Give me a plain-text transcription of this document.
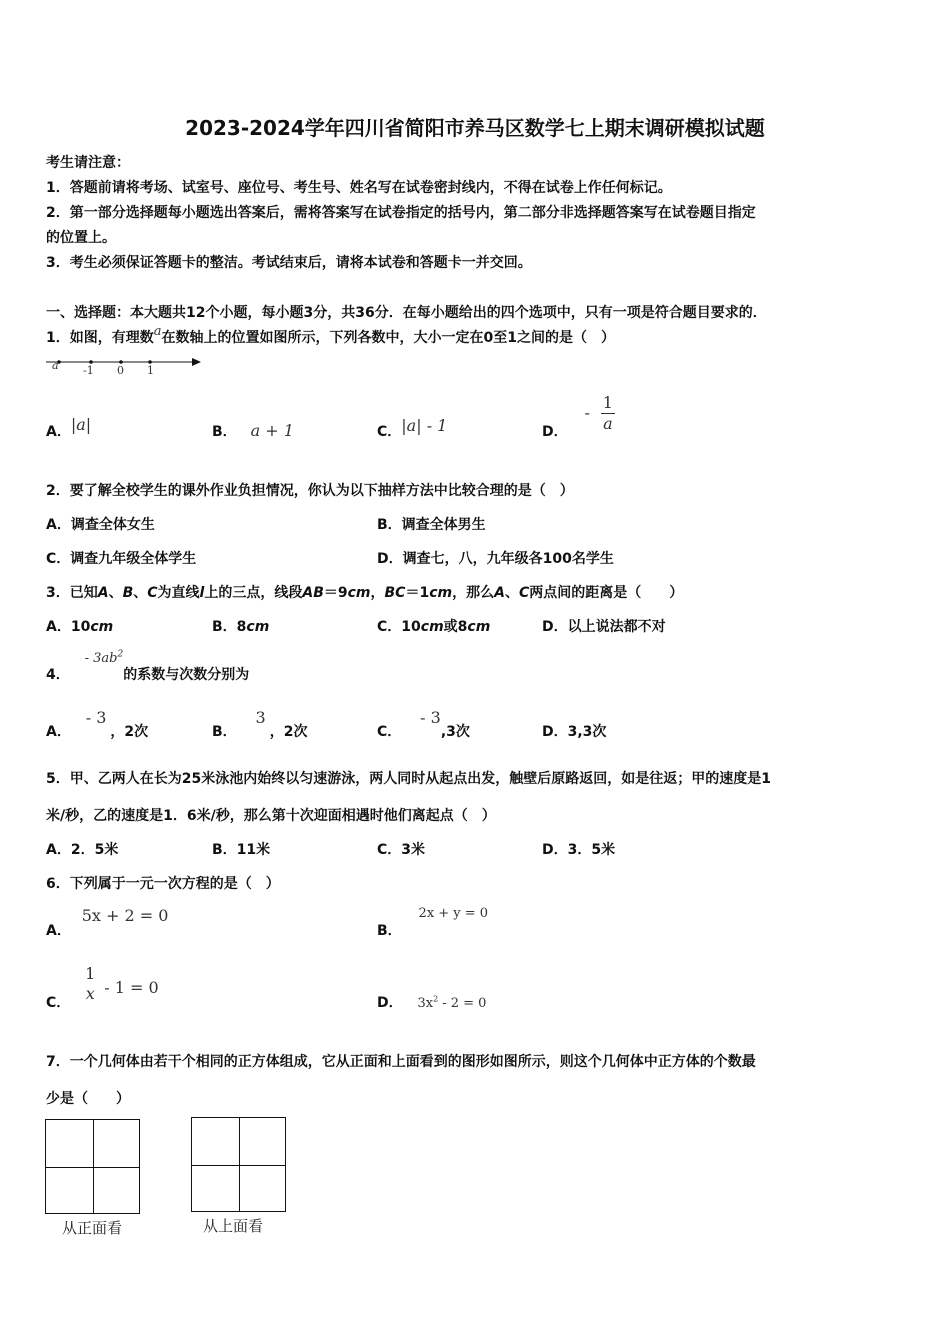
2023-2024学年四川省简阳市养马区数学七上期末调研模拟试题
考生请注意：
1．答题前请将考场、试室号、座位号、考生号、姓名写在试卷密封线内，不得在试卷上作任何标记。
2．第一部分选择题每小题选出答案后，需将答案写在试卷指定的括号内，第二部分非选择题答案写在试卷题目指定
的位置上。
3．考生必须保证答题卡的整洁。考试结束后，请将本试卷和答题卡一并交回。
一、选择题：本大题共12个小题，每小题3分，共36分．在每小题给出的四个选项中，只有一项是符合题目要求的．
1．如图，有理数a在数轴上的位置如图所示，下列各数中，大小一定在0至1之间的是（　）
a -1 0 1
A．|a|	B． a + 1	C．|a| - 1	D． - $\frac{1}{a}$
2．要了解全校学生的课外作业负担情况，你认为以下抽样方法中比较合理的是（　）
A．调查全体女生	B．调查全体男生
C．调查九年级全体学生	D．调查七，八，九年级各100名学生
3．已知A、B、C为直线l上的三点，线段AB＝9cm，BC＝1cm，那么A、C两点间的距离是（　　）
A．10cm	B．8cm	C．10cm或8cm	D．以上说法都不对
4． - $3ab^2$的系数与次数分别为
A． - 3，2次	B． 3，2次	C． - 3,3次	D．3,3次
5．甲、乙两人在长为25米泳池内始终以匀速游泳，两人同时从起点出发，触壁后原路返回，如是往返；甲的速度是1
米/秒，乙的速度是1．6米/秒，那么第十次迎面相遇时他们离起点（　）
A．2．5米	B．11米	C．3米	D．3．5米
6．下列属于一元一次方程的是（　）
A． 5x + 2 = 0
B． 2x + y = 0
C．
1
x - 1 = 0
D． $3x^2 - 2 = 0$
7．一个几何体由若干个相同的正方体组成，它从正面和上面看到的图形如图所示，则这个几何体中正方体的个数最
少是（　　）
从正面看	从上面看
